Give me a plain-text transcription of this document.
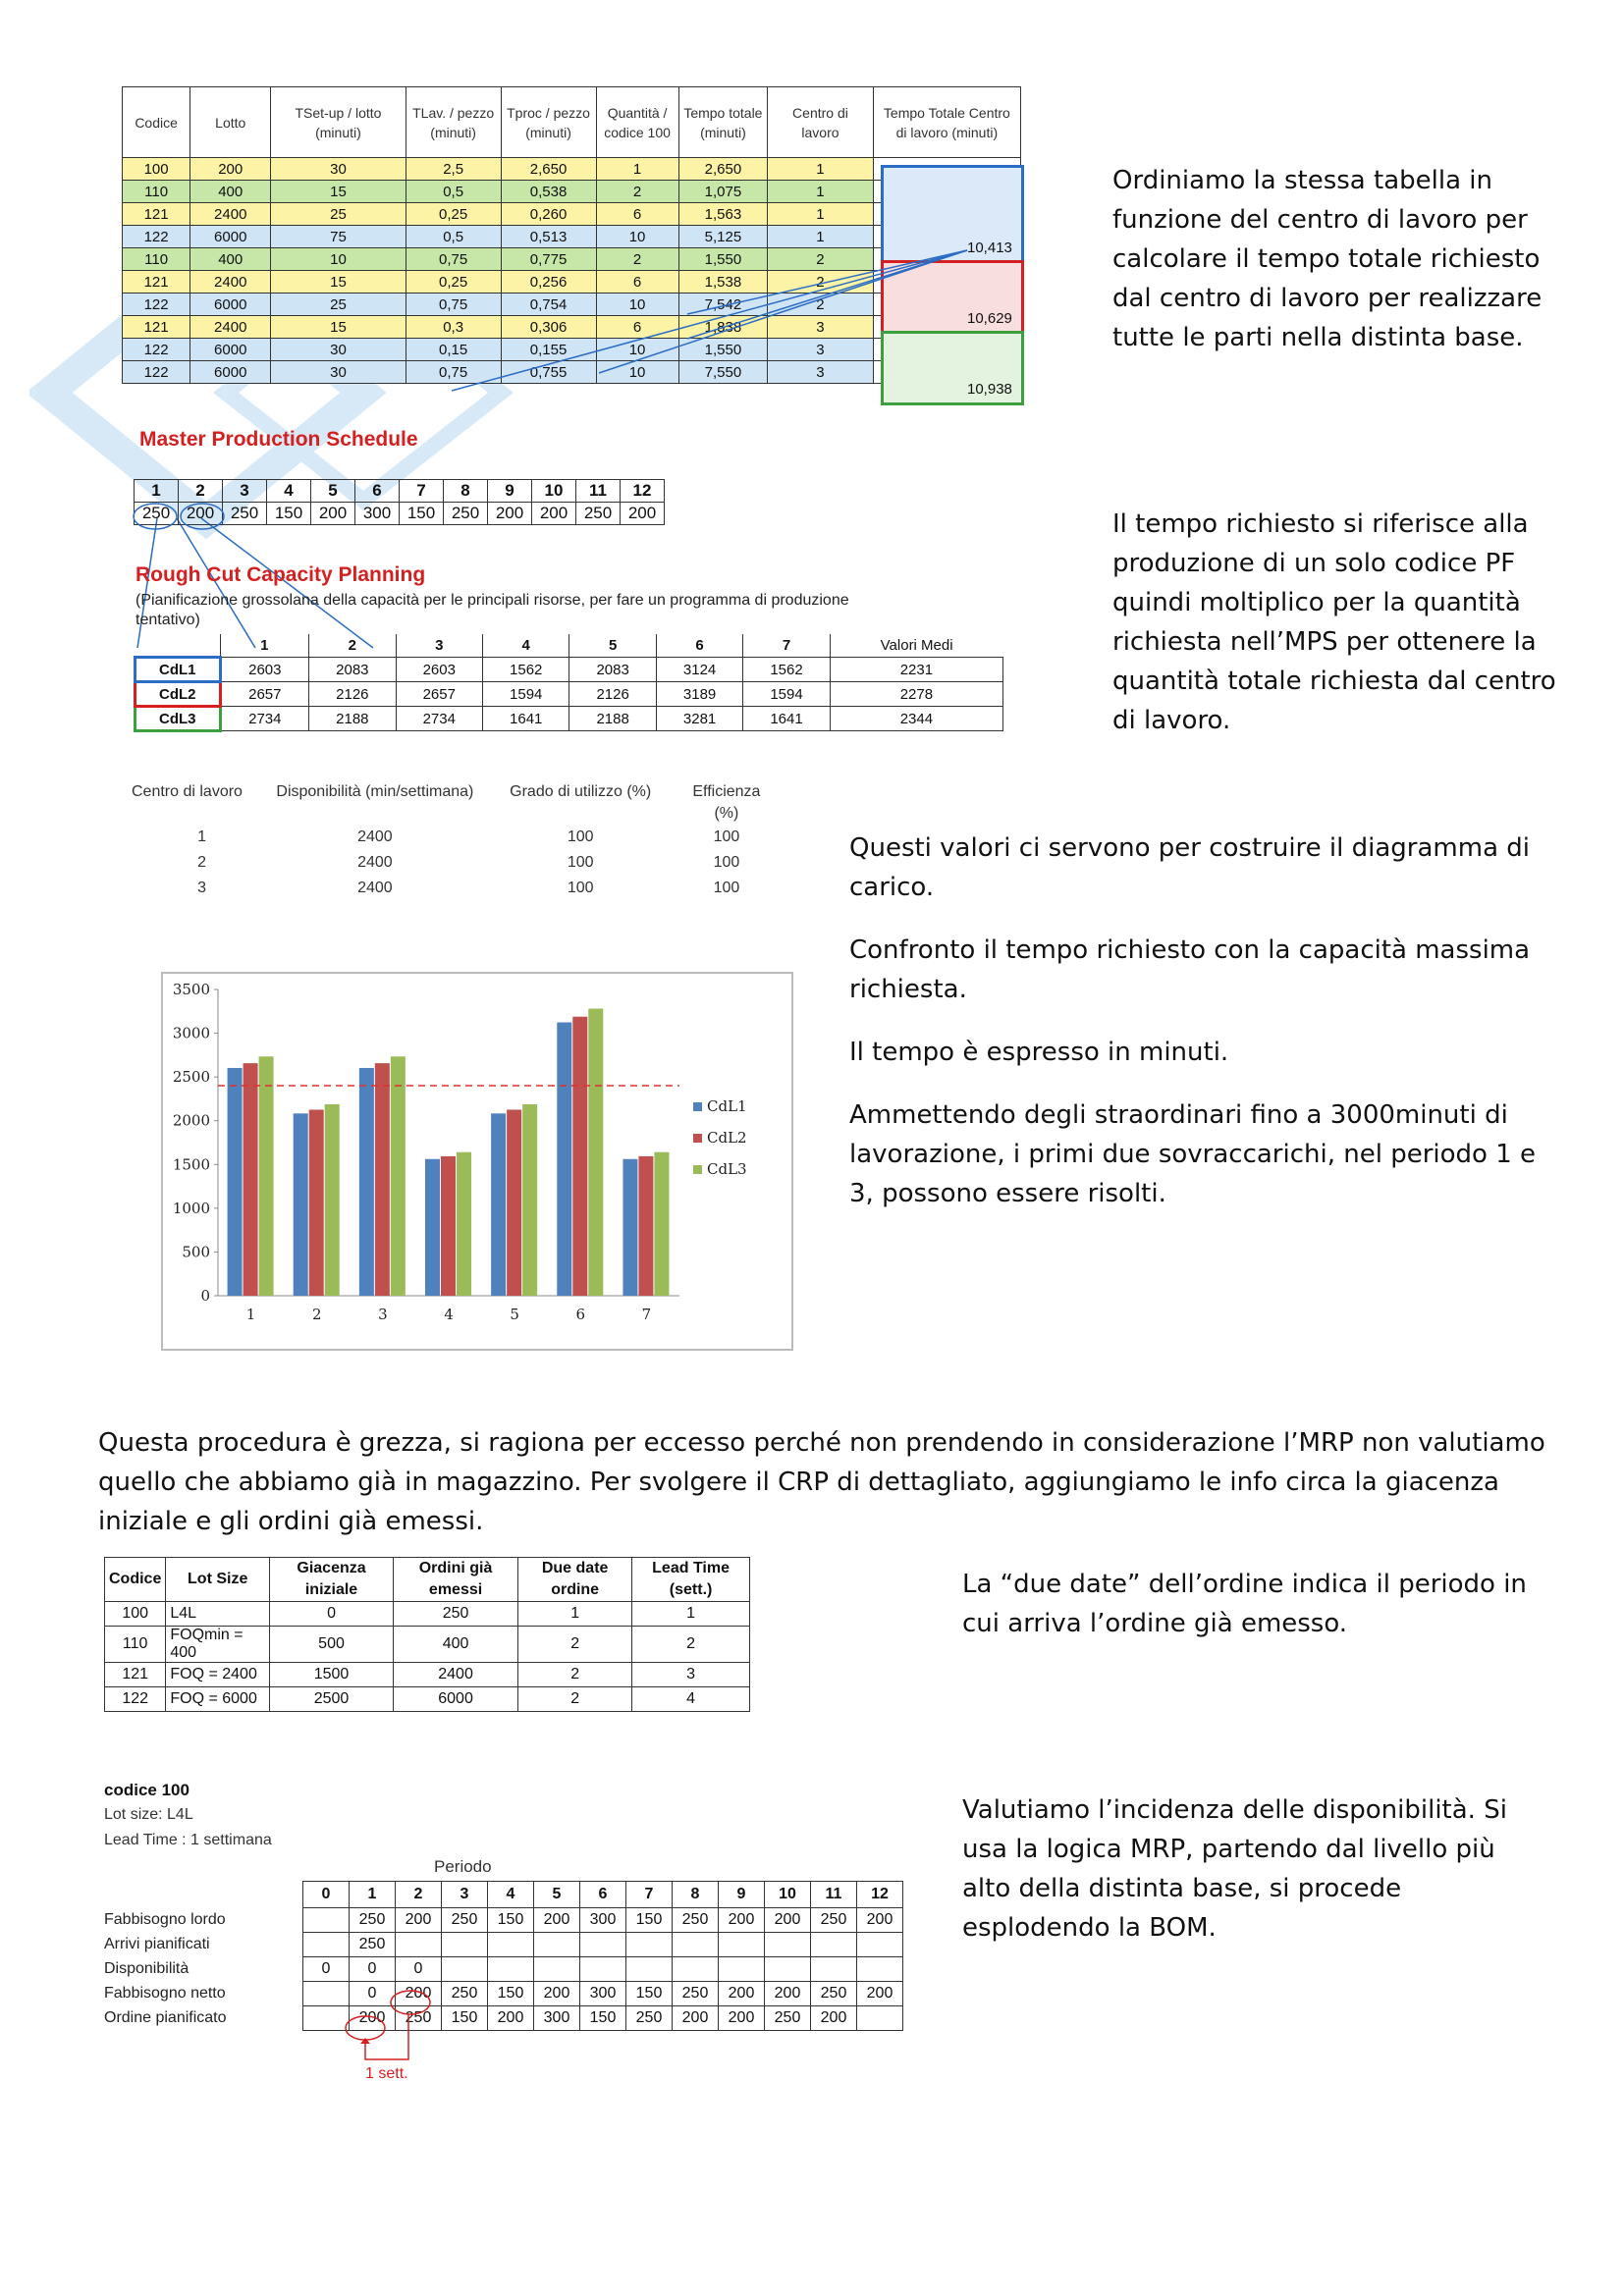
Codice	Lotto	TSet-up / lotto (minuti)	TLav. / pezzo (minuti)	Tproc / pezzo (minuti)	Quantità / codice 100	Tempo totale (minuti)	Centro di lavoro	Tempo Totale Centro di lavoro (minuti)
100	200	30	2,5	2,650	1	2,650	1	
110	400	15	0,5	0,538	2	1,075	1	
121	2400	25	0,25	0,260	6	1,563	1	
122	6000	75	0,5	0,513	10	5,125	1	
110	400	10	0,75	0,775	2	1,550	2	
121	2400	15	0,25	0,256	6	1,538	2	
122	6000	25	0,75	0,754	10	7,542	2	
121	2400	15	0,3	0,306	6	1,838	3	
122	6000	30	0,15	0,155	10	1,550	3	
122	6000	30	0,75	0,755	10	7,550	3	
10,413
10,629
10,938
Ordiniamo la stessa tabella in funzione del centro di lavoro per calcolare il tempo totale richiesto dal centro di lavoro per realizzare tutte le parti nella distinta base.
Master Production Schedule
1	2	3	4	5	6	7	8	9	10	11	12
250	200	250	150	200	300	150	250	200	200	250	200	Il tempo richiesto si riferisce alla produzione di un solo codice PF quindi moltiplico per la quantità richiesta nell’MPS per ottenere la quantità totale richiesta dal centro di lavoro.
Rough Cut Capacity Planning
(Pianificazione grossolana della capacità per le principali risorse, per fare un programma di produzione tentativo)
	1	2	3	4	5	6	7	Valori Medi
CdL1	2603	2083	2603	1562	2083	3124	1562	2231
CdL2	2657	2126	2657	1594	2126	3189	1594	2278
CdL3	2734	2188	2734	1641	2188	3281	1641	2344
Centro di lavoro	Disponibilità (min/settimana)	Grado di utilizzo (%)	Efficienza (%)
1	2400	100	100
2	2400	100	100
3	2400	100	100

Questi valori ci servono per costruire il diagramma di carico.

Confronto il tempo richiesto con la capacità massima richiesta.

Il tempo è espresso in minuti.

Ammettendo degli straordinari fino a 3000minuti di lavorazione, i primi due sovraccarichi, nel periodo 1 e 3, possono essere risolti.

0
500
1000
1500
2000
2500
3000
3500
1	2	3	4	5	6	7
CdL1
CdL2
CdL3
Questa procedura è grezza, si ragiona per eccesso perché non prendendo in considerazione l’MRP non valutiamo quello che abbiamo già in magazzino. Per svolgere il CRP di dettagliato, aggiungiamo le info circa la giacenza iniziale e gli ordini già emessi.
Codice	Lot Size	Giacenza iniziale	Ordini già emessi	Due date ordine	Lead Time (sett.)
100	L4L	0	250	1	1
110	FOQmin = 400	500	400	2	2
121	FOQ = 2400	1500	2400	2	3
122	FOQ = 6000	2500	6000	2	4
La “due date” dell’ordine indica il periodo in cui arriva l’ordine già emesso.
codice 100
Lot size: L4L
Lead Time : 1 settimana
Periodo
	0	1	2	3	4	5	6	7	8	9	10	11	12
Fabbisogno lordo		250	200	250	150	200	300	150	250	200	200	250	200
Arrivi pianificati		250											
Disponibilità	0	0	0										
Fabbisogno netto		0	200	250	150	200	300	150	250	200	200	250	200
Ordine pianificato		200	250	150	200	300	150	250	200	200	250	200	
1 sett.
Valutiamo l’incidenza delle disponibilità. Si usa la logica MRP, partendo dal livello più alto della distinta base, si procede esplodendo la BOM.
